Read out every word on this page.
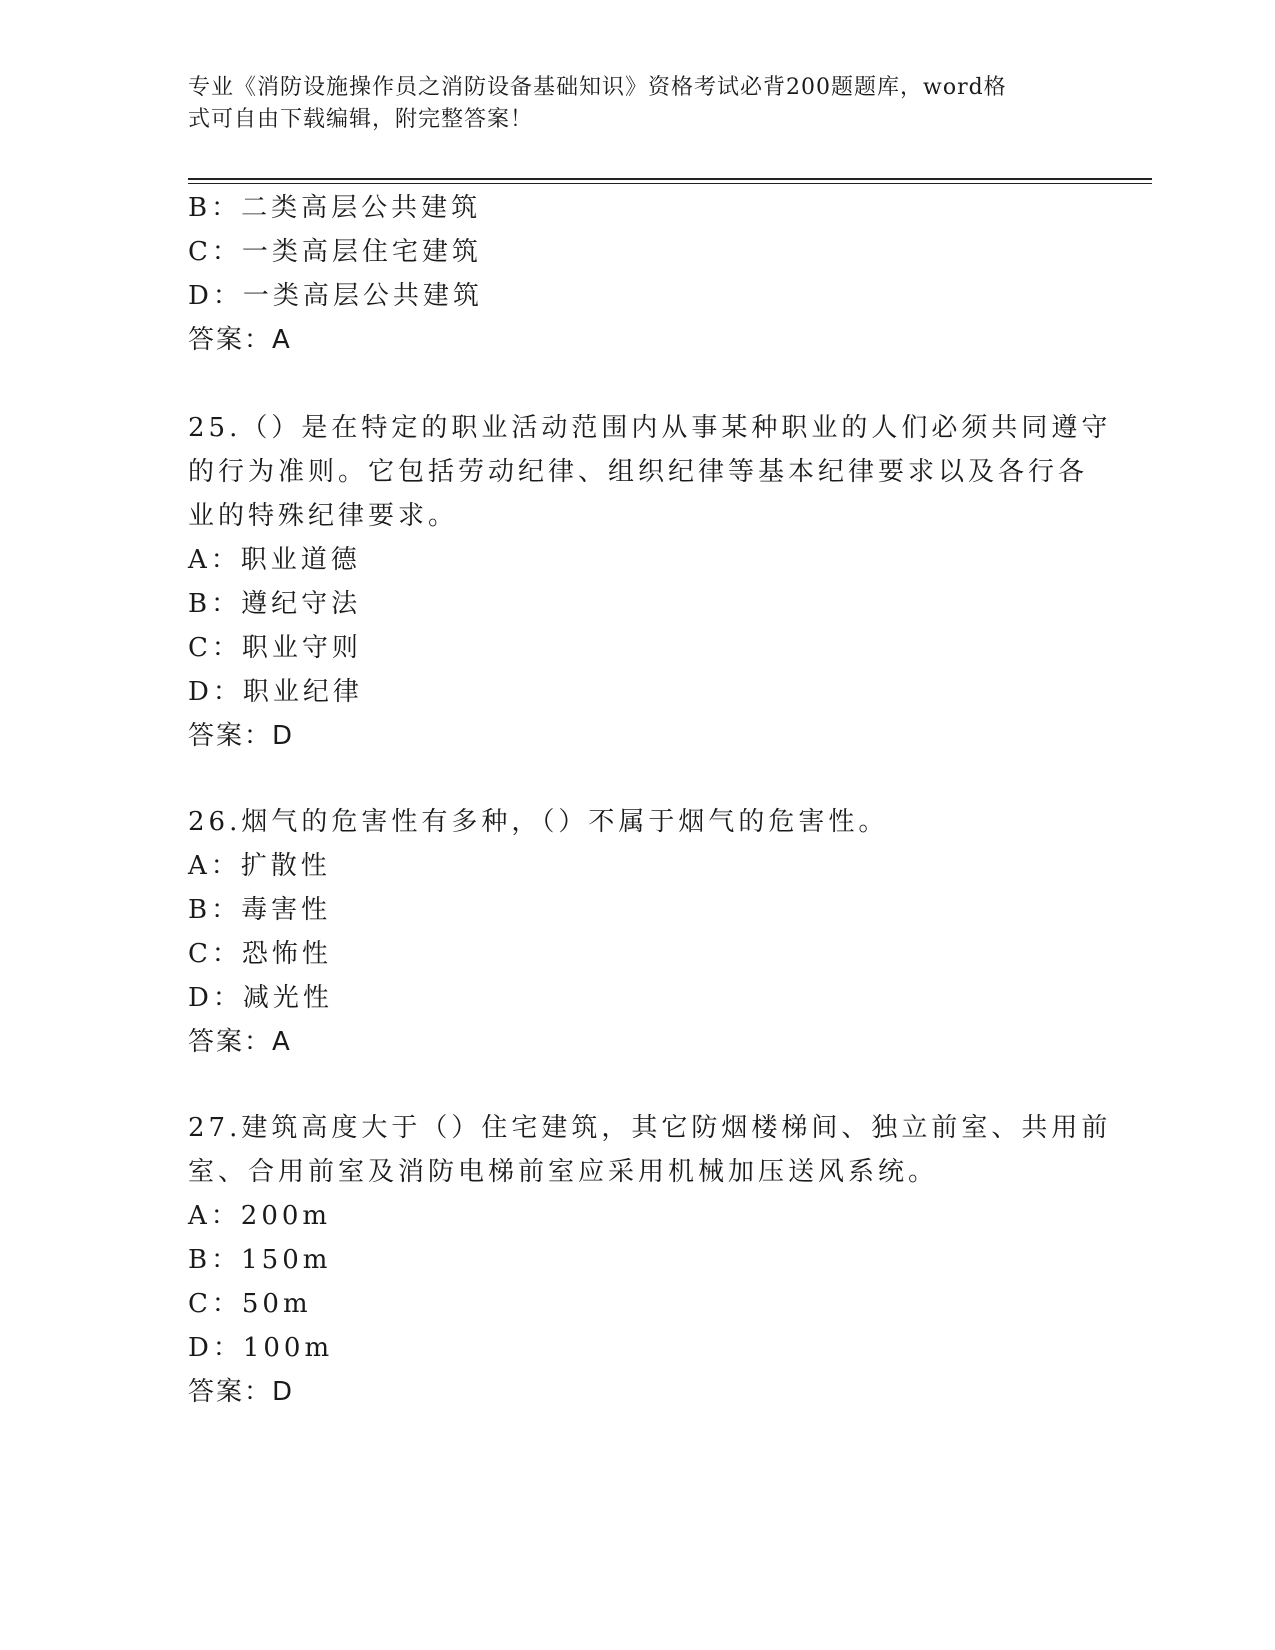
专业《消防设施操作员之消防设备基础知识》资格考试必背200题题库，word格
式可自由下载编辑，附完整答案！
B：二类高层公共建筑
C：一类高层住宅建筑
D：一类高层公共建筑
答案：A
25.（）是在特定的职业活动范围内从事某种职业的人们必须共同遵守
的行为准则。它包括劳动纪律、组织纪律等基本纪律要求以及各行各
业的特殊纪律要求。
A：职业道德
B：遵纪守法
C：职业守则
D：职业纪律
答案：D
26.烟气的危害性有多种，（）不属于烟气的危害性。
A：扩散性
B：毒害性
C：恐怖性
D：减光性
答案：A
27.建筑高度大于（）住宅建筑，其它防烟楼梯间、独立前室、共用前
室、合用前室及消防电梯前室应采用机械加压送风系统。
A：200m
B：150m
C：50m
D：100m
答案：D
